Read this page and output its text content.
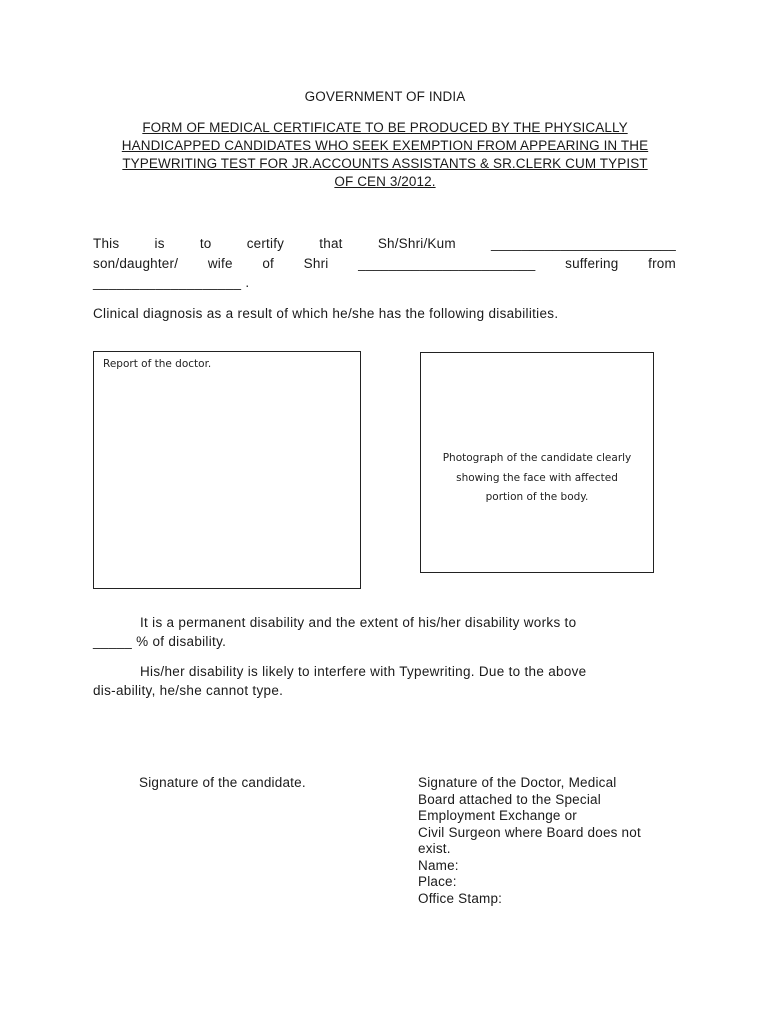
GOVERNMENT OF INDIA
FORM OF MEDICAL CERTIFICATE TO BE PRODUCED BY THE PHYSICALLY
HANDICAPPED CANDIDATES WHO SEEK EXEMPTION FROM APPEARING IN THE
TYPEWRITING TEST FOR JR.ACCOUNTS ASSISTANTS & SR.CLERK CUM TYPIST
OF CEN 3/2012.
This	is	to	certify	that	Sh/Shri/Kum	________________________
son/daughter/ wife of Shri _______________________ suffering from
___________________ .
Clinical diagnosis as a result of which he/she has the following disabilities.
Report of the doctor.
Photograph of the candidate clearly
showing the face with affected
portion of the body.
It is a permanent disability and the extent of his/her disability works to
_____ % of disability.
His/her disability is likely to interfere with Typewriting. Due to the above
dis-ability, he/she cannot type.
Signature of the candidate.	Signature of the Doctor, Medical
Board attached to the Special
Employment Exchange or
Civil Surgeon where Board does not
exist.
Name:
Place:
Office Stamp:
